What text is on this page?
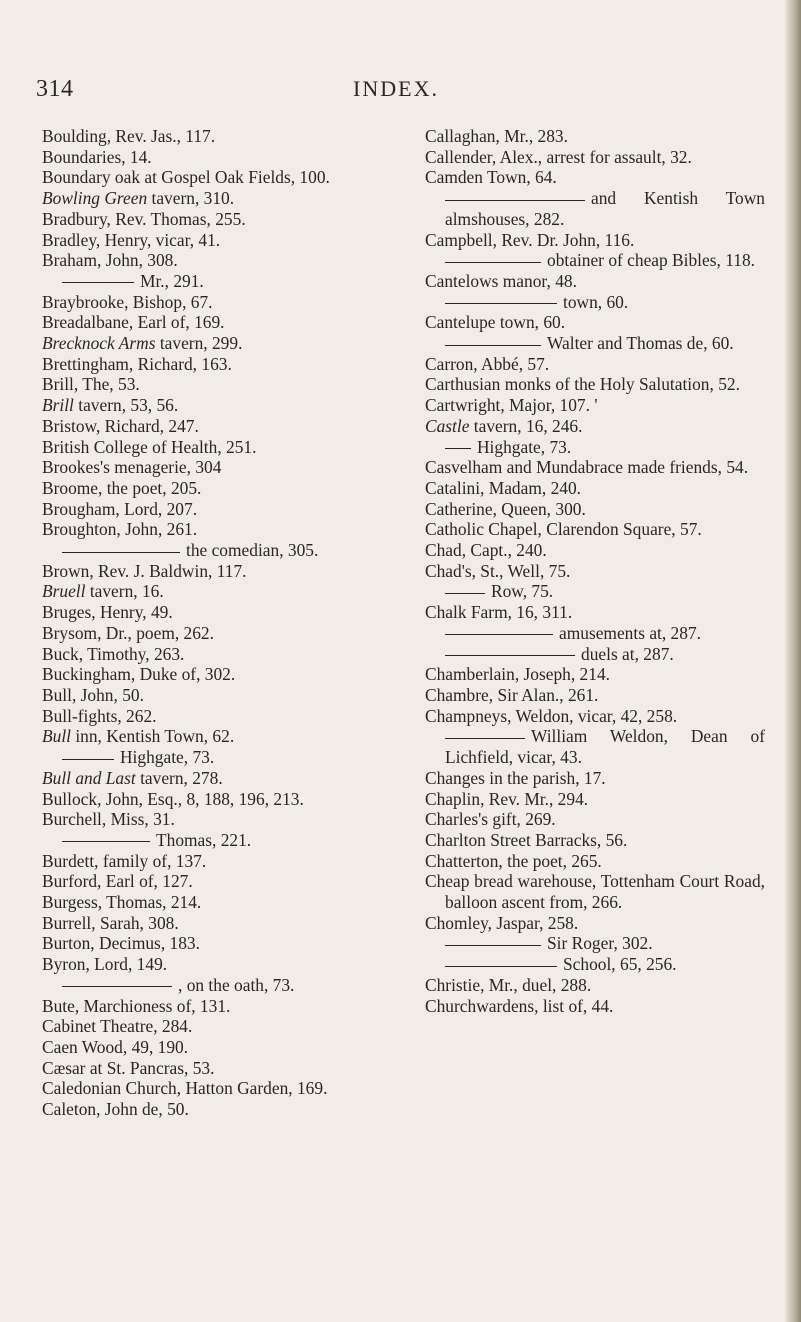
314	INDEX.

Boulding, Rev. Jas., 117.

Boundaries, 14.

Boundary oak at Gospel Oak Fields, 100.

Bowling Green tavern, 310.

Bradbury, Rev. Thomas, 255.

Bradley, Henry, vicar, 41.

Braham, John, 308.

Mr., 291.

Braybrooke, Bishop, 67.

Breadalbane, Earl of, 169.

Brecknock Arms tavern, 299.

Brettingham, Richard, 163.

Brill, The, 53.

Brill tavern, 53, 56.

Bristow, Richard, 247.

British College of Health, 251.

Brookes's menagerie, 304

Broome, the poet, 205.

Brougham, Lord, 207.

Broughton, John, 261.

the comedian, 305.

Brown, Rev. J. Baldwin, 117.

Bruell tavern, 16.

Bruges, Henry, 49.

Brysom, Dr., poem, 262.

Buck, Timothy, 263.

Buckingham, Duke of, 302.

Bull, John, 50.

Bull-fights, 262.

Bull inn, Kentish Town, 62.

Highgate, 73.

Bull and Last tavern, 278.

Bullock, John, Esq., 8, 188, 196, 213.

Burchell, Miss, 31.

Thomas, 221.

Burdett, family of, 137.

Burford, Earl of, 127.

Burgess, Thomas, 214.

Burrell, Sarah, 308.

Burton, Decimus, 183.

Byron, Lord, 149.

, on the oath, 73.

Bute, Marchioness of, 131.

Cabinet Theatre, 284.

Caen Wood, 49, 190.

Cæsar at St. Pancras, 53.

Caledonian Church, Hatton Garden, 169.

Caleton, John de, 50.

Callaghan, Mr., 283.

Callender, Alex., arrest for assault, 32.

Camden Town, 64.

and Kentish Town almshouses, 282.

Campbell, Rev. Dr. John, 116.

obtainer of cheap Bibles, 118.

Cantelows manor, 48.

town, 60.

Cantelupe town, 60.

Walter and Thomas de, 60.

Carron, Abbé, 57.

Carthusian monks of the Holy Salutation, 52.

Cartwright, Major, 107. '

Castle tavern, 16, 246.

Highgate, 73.

Casvelham and Mundabrace made friends, 54.

Catalini, Madam, 240.

Catherine, Queen, 300.

Catholic Chapel, Clarendon Square, 57.

Chad, Capt., 240.

Chad's, St., Well, 75.

Row, 75.

Chalk Farm, 16, 311.

amusements at, 287.

duels at, 287.

Chamberlain, Joseph, 214.

Chambre, Sir Alan., 261.

Champneys, Weldon, vicar, 42, 258.

William Weldon, Dean of Lichfield, vicar, 43.

Changes in the parish, 17.

Chaplin, Rev. Mr., 294.

Charles's gift, 269.

Charlton Street Barracks, 56.

Chatterton, the poet, 265.

Cheap bread warehouse, Tottenham Court Road, balloon ascent from, 266.

Chomley, Jaspar, 258.

Sir Roger, 302.

School, 65, 256.

Christie, Mr., duel, 288.

Churchwardens, list of, 44.
